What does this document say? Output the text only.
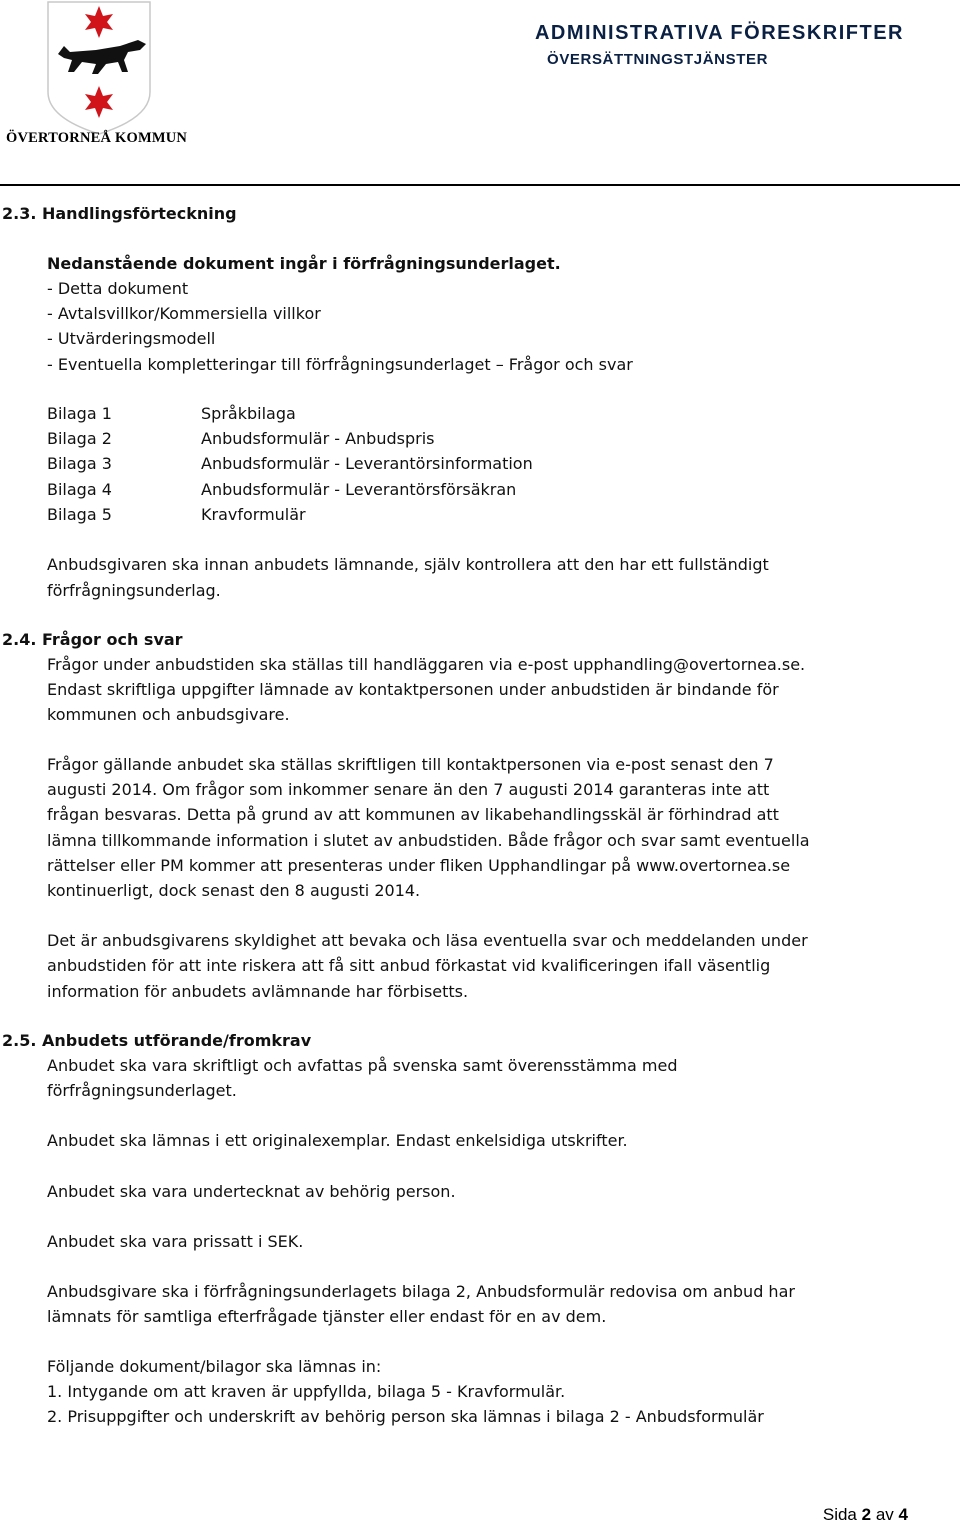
ÖVERTORNEÅ KOMMUN
ADMINISTRATIVA FÖRESKRIFTER
ÖVERSÄTTNINGSTJÄNSTER
2.3. Handlingsförteckning
Nedanstående dokument ingår i förfrågningsunderlaget.
- Detta dokument
- Avtalsvillkor/Kommersiella villkor
- Utvärderingsmodell
- Eventuella kompletteringar till förfrågningsunderlaget – Frågor och svar
Bilaga 1	Språkbilaga
Bilaga 2	Anbudsformulär - Anbudspris
Bilaga 3	Anbudsformulär - Leverantörsinformation
Bilaga 4	Anbudsformulär - Leverantörsförsäkran
Bilaga 5	Kravformulär
Anbudsgivaren ska innan anbudets lämnande, själv kontrollera att den har ett fullständigt
förfrågningsunderlag.
2.4. Frågor och svar
Frågor under anbudstiden ska ställas till handläggaren via e-post upphandling@overtornea.se.
Endast skriftliga uppgifter lämnade av kontaktpersonen under anbudstiden är bindande för
kommunen och anbudsgivare.
Frågor gällande anbudet ska ställas skriftligen till kontaktpersonen via e-post senast den 7
augusti 2014. Om frågor som inkommer senare än den 7 augusti 2014 garanteras inte att
frågan besvaras. Detta på grund av att kommunen av likabehandlingsskäl är förhindrad att
lämna tillkommande information i slutet av anbudstiden. Både frågor och svar samt eventuella
rättelser eller PM kommer att presenteras under fliken Upphandlingar på www.overtornea.se
kontinuerligt, dock senast den 8 augusti 2014.
Det är anbudsgivarens skyldighet att bevaka och läsa eventuella svar och meddelanden under
anbudstiden för att inte riskera att få sitt anbud förkastat vid kvalificeringen ifall väsentlig
information för anbudets avlämnande har förbisetts.
2.5. Anbudets utförande/fromkrav
Anbudet ska vara skriftligt och avfattas på svenska samt överensstämma med
förfrågningsunderlaget.
Anbudet ska lämnas i ett originalexemplar. Endast enkelsidiga utskrifter.
Anbudet ska vara undertecknat av behörig person.
Anbudet ska vara prissatt i SEK.
Anbudsgivare ska i förfrågningsunderlagets bilaga 2, Anbudsformulär redovisa om anbud har
lämnats för samtliga efterfrågade tjänster eller endast för en av dem.
Följande dokument/bilagor ska lämnas in:
1. Intygande om att kraven är uppfyllda, bilaga 5 - Kravformulär.
2. Prisuppgifter och underskrift av behörig person ska lämnas i bilaga 2 - Anbudsformulär
Sida 2 av 4
